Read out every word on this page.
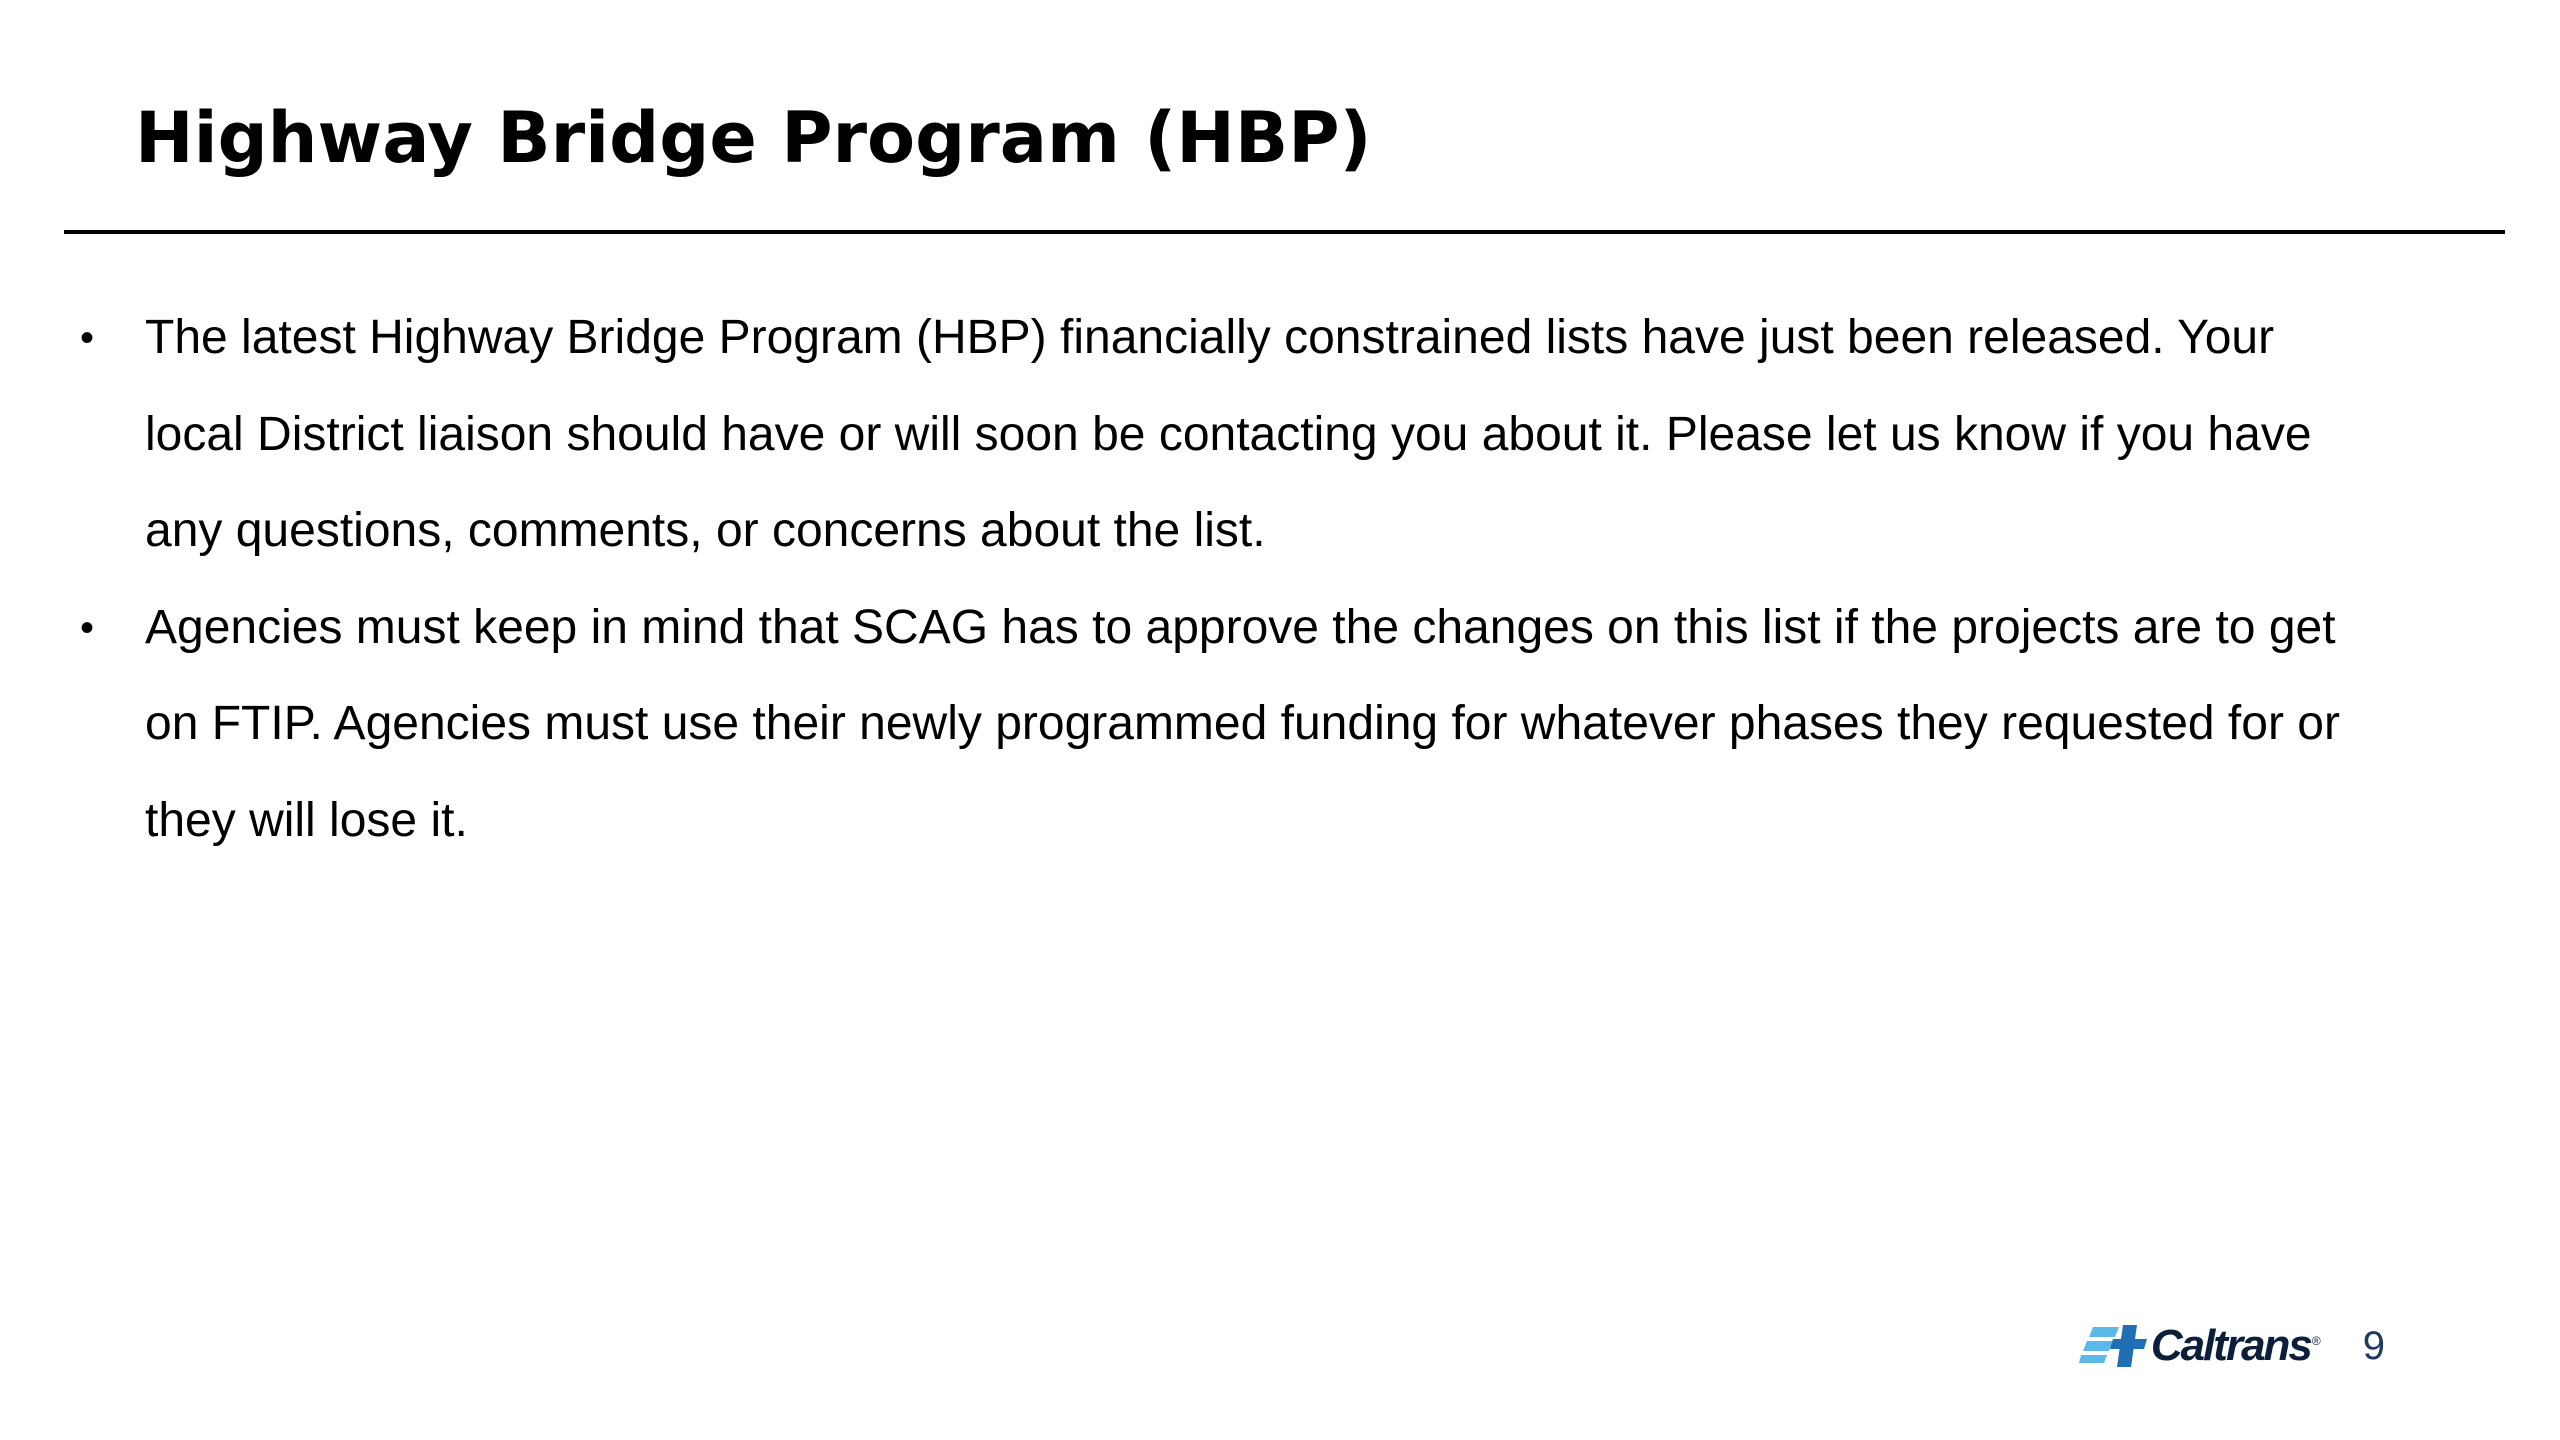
Highway Bridge Program (HBP)
•	The latest Highway Bridge Program (HBP) financially constrained lists have just been released. Your local District liaison should have or will soon be contacting you about it. Please let us know if you have any questions, comments, or concerns about the list.
•	Agencies must keep in mind that SCAG has to approve the changes on this list if the projects are to get on FTIP. Agencies must use their newly programmed funding for whatever phases they requested for or they will lose it.
Caltrans ® 9
